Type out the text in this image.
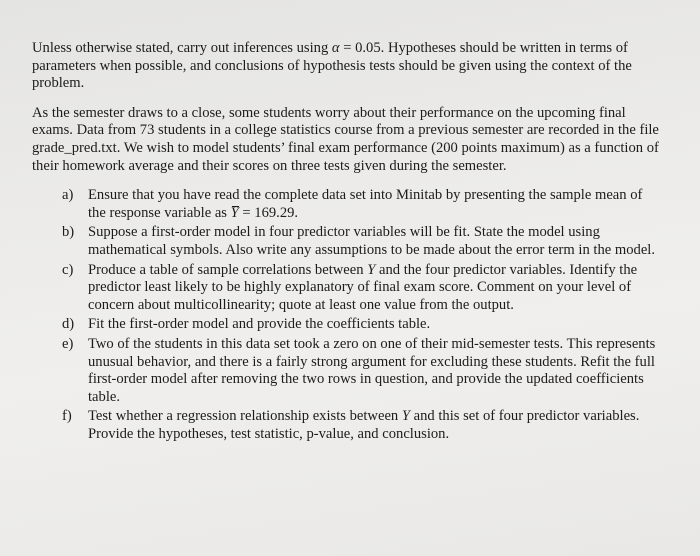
Unless otherwise stated, carry out inferences using α = 0.05. Hypotheses should be written in terms of parameters when possible, and conclusions of hypothesis tests should be given using the context of the problem.

As the semester draws to a close, some students worry about their performance on the upcoming final exams. Data from 73 students in a college statistics course from a previous semester are recorded in the file grade_pred.txt. We wish to model students’ final exam performance (200 points maximum) as a function of their homework average and their scores on three tests given during the semester.

a) Ensure that you have read the complete data set into Minitab by presenting the sample mean of the response variable as Y = 169.29.
b) Suppose a first-order model in four predictor variables will be fit. State the model using mathematical symbols. Also write any assumptions to be made about the error term in the model.
c) Produce a table of sample correlations between Y and the four predictor variables. Identify the predictor least likely to be highly explanatory of final exam score. Comment on your level of concern about multicollinearity; quote at least one value from the output.
d) Fit the first-order model and provide the coefficients table.
e) Two of the students in this data set took a zero on one of their mid-semester tests. This represents unusual behavior, and there is a fairly strong argument for excluding these students. Refit the full first-order model after removing the two rows in question, and provide the updated coefficients table.
f) Test whether a regression relationship exists between Y and this set of four predictor variables. Provide the hypotheses, test statistic, p-value, and conclusion.
